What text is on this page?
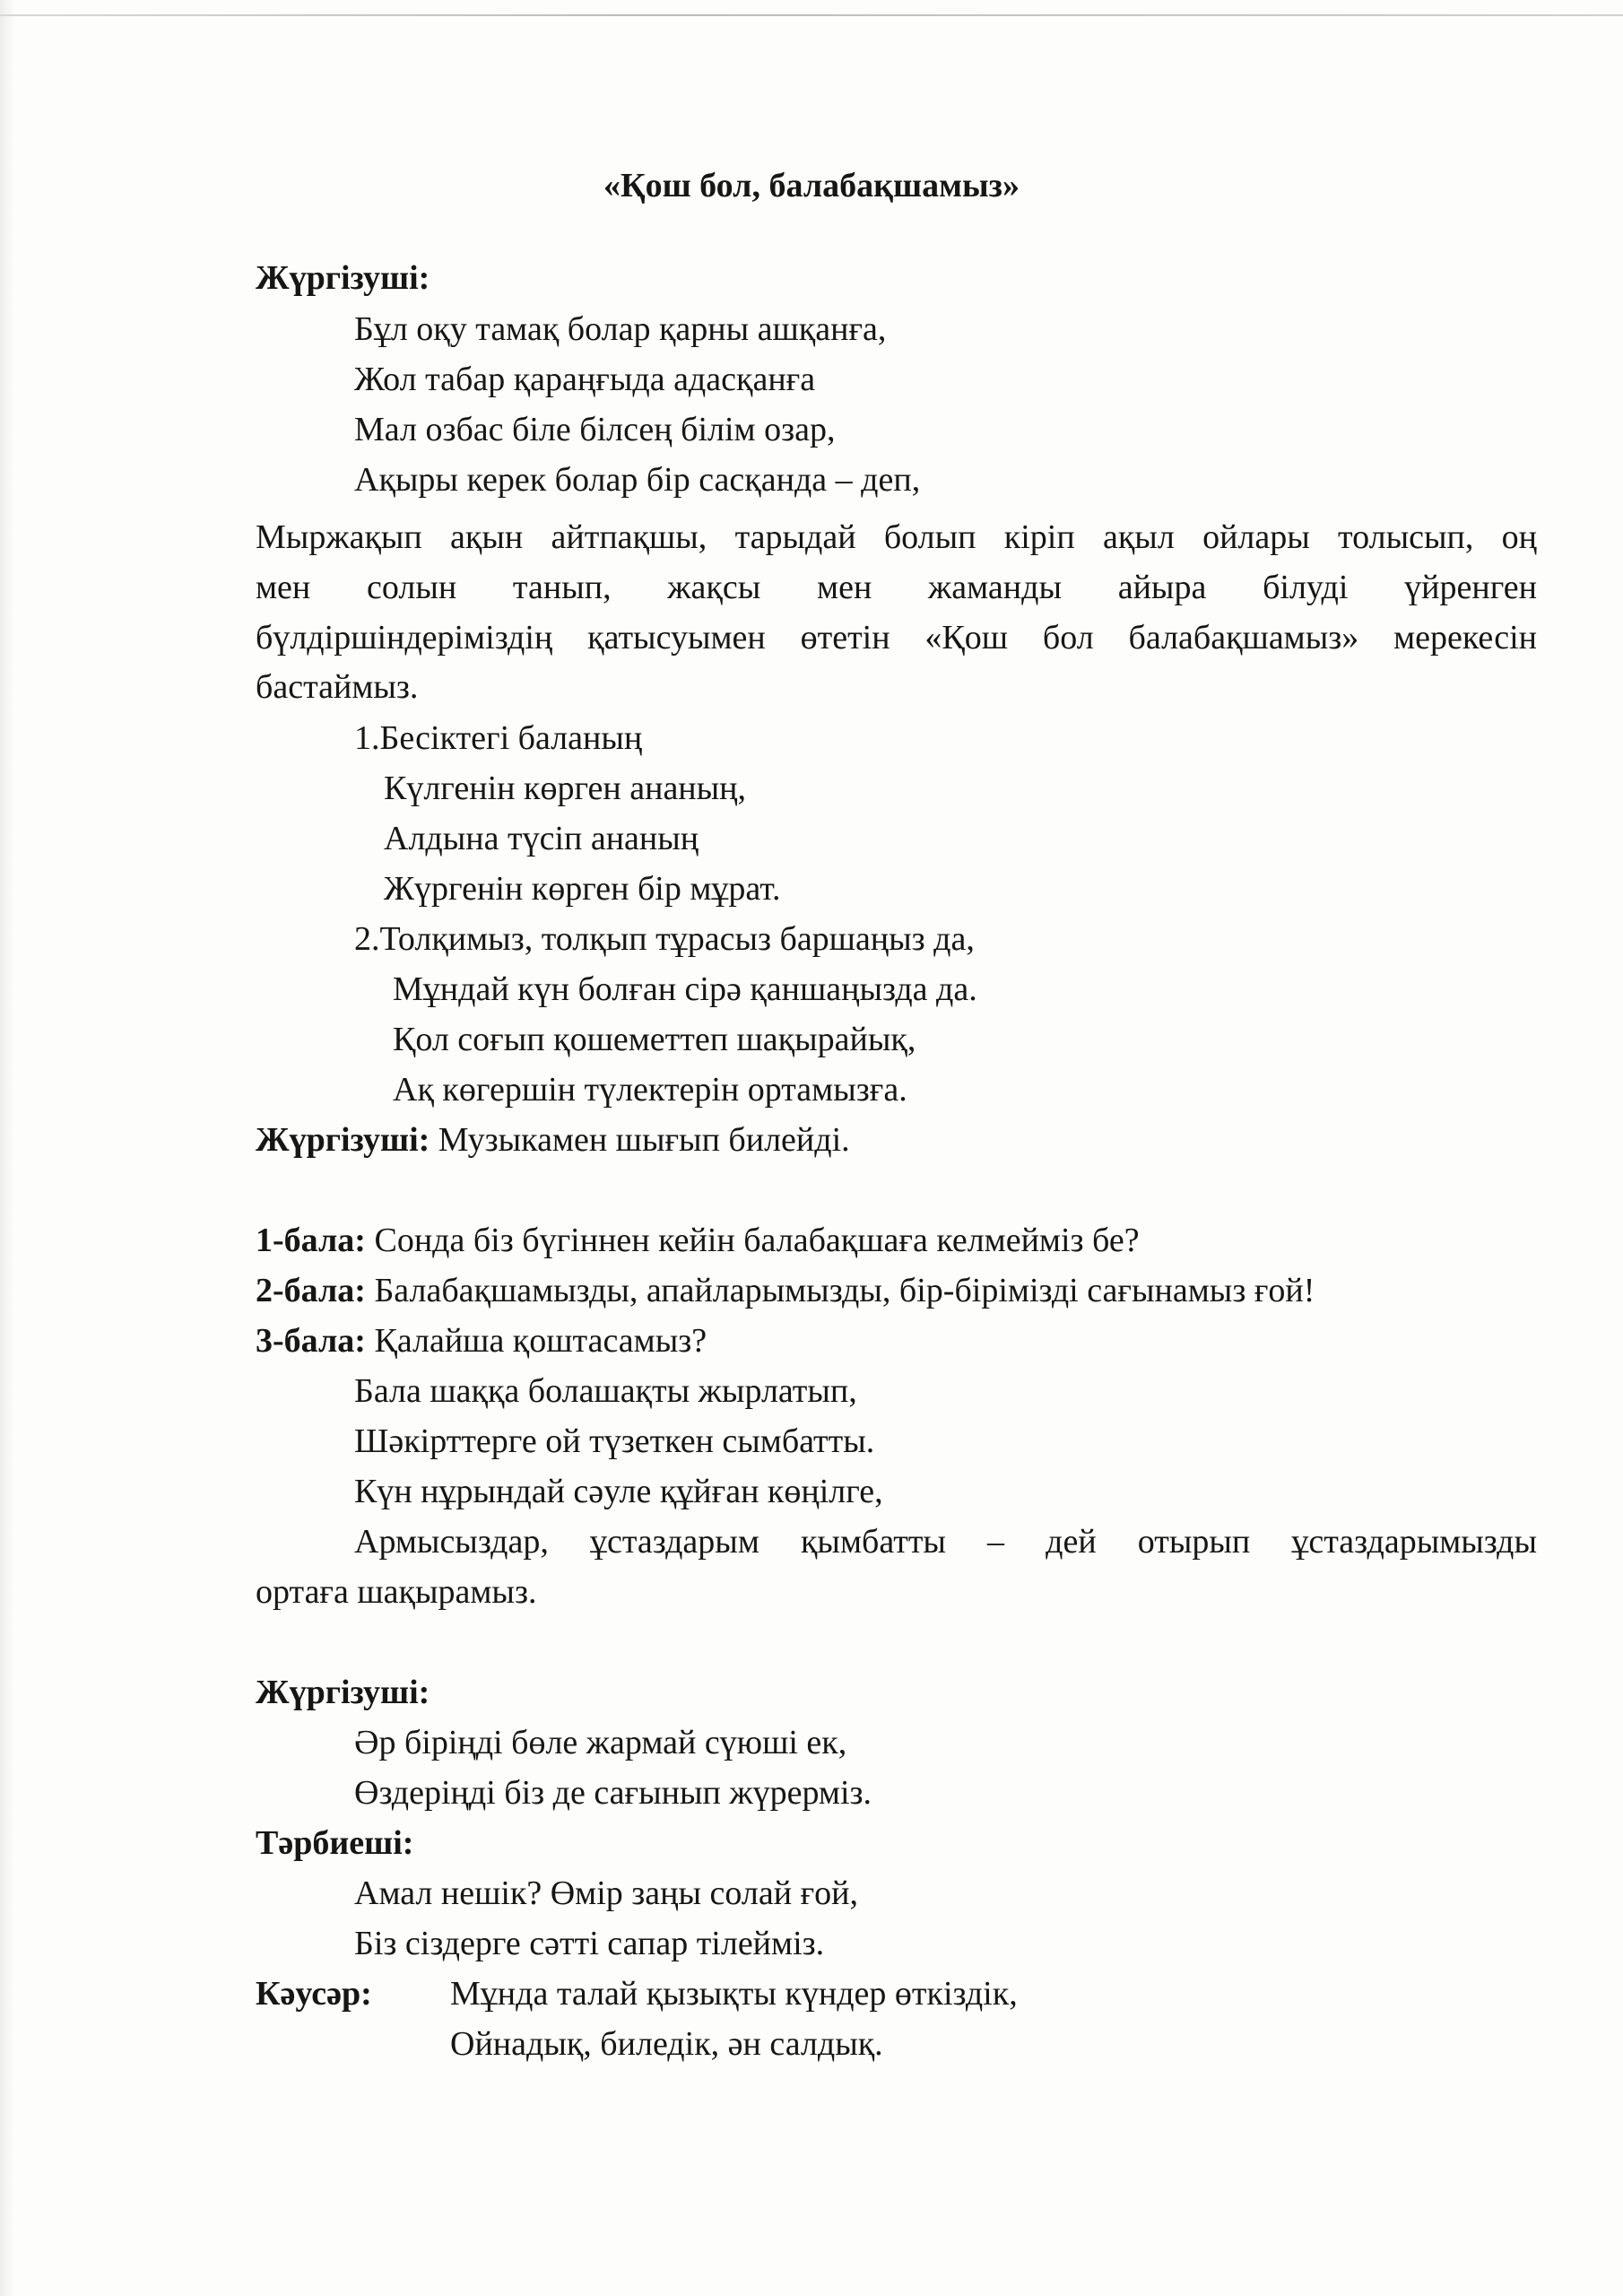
«Қош бол, балабақшамыз»
Жүргізуші:
Бұл оқу тамақ болар қарны ашқанға,
Жол табар қараңғыда адасқанға
Мал озбас біле білсең білім озар,
Ақыры керек болар бір сасқанда – деп,
Мыржақып ақын айтпақшы, тарыдай болып кіріп ақыл ойлары толысып, оң
мен солын танып, жақсы мен жаманды айыра білуді үйренген
бүлдіршіндеріміздің қатысуымен өтетін «Қош бол балабақшамыз» мерекесін
бастаймыз.
1.Бесіктегі баланың
Күлгенін көрген ананың,
Алдына түсіп ананың
Жүргенін көрген бір мұрат.
2.Толқимыз, толқып тұрасыз баршаңыз да,
Мұндай күн болған сірә қаншаңызда да.
Қол соғып қошеметтеп шақырайық,
Ақ көгершін түлектерін ортамызға.
Жүргізуші: Музыкамен шығып билейді.
1-бала: Сонда біз бүгіннен кейін балабақшаға келмейміз бе?
2-бала: Балабақшамызды, апайларымызды, бір-бірімізді сағынамыз ғой!
3-бала: Қалайша қоштасамыз?
Бала шаққа болашақты жырлатып,
Шәкірттерге ой түзеткен сымбатты.
Күн нұрындай сәуле құйған көңілге,
Армысыздар, ұстаздарым қымбатты – дей отырып ұстаздарымызды
ортаға шақырамыз.
Жүргізуші:
Әр біріңді бөле жармай сүюші ек,
Өздеріңді біз де сағынып жүрерміз.
Тәрбиеші:
Амал нешік? Өмір заңы солай ғой,
Біз сіздерге сәтті сапар тілейміз.
Кәусәр: Мұнда талай қызықты күндер өткіздік,
Ойнадық, биледік, ән салдық.
